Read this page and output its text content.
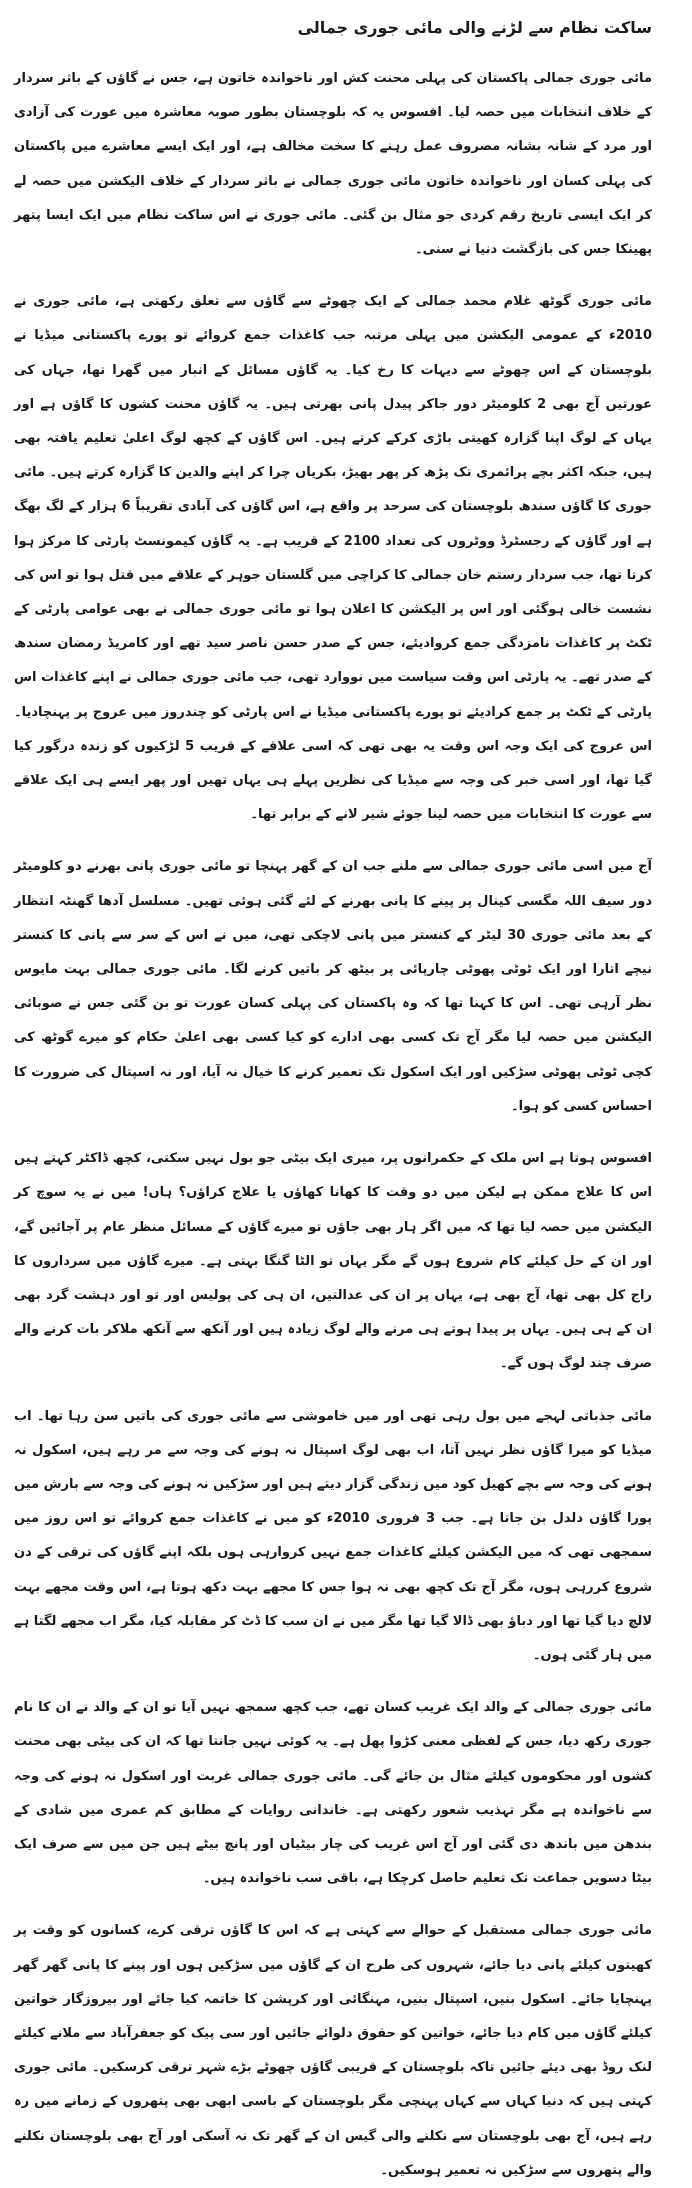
ساکت نظام سے لڑنے والی مائی جوری جمالی

مائی جوری جمالی پاکستان کی پہلی محنت کش اور ناخواندہ خاتون ہے، جس نے گاؤں کے باثر سردار کے خلاف انتخابات میں حصہ لیا۔ افسوس یہ کہ بلوچستان بطور صوبہ معاشرہ میں عورت کی آزادی اور مرد کے شانہ بشانہ مصروف عمل رہنے کا سخت مخالف ہے، اور ایک ایسے معاشرے میں پاکستان کی پہلی کسان اور ناخواندہ خاتون مائی جوری جمالی نے باثر سردار کے خلاف الیکشن میں حصہ لے کر ایک ایسی تاریخ رقم کردی جو مثال بن گئی۔ مائی جوری نے اس ساکت نظام میں ایک ایسا پتھر پھینکا جس کی بازگشت دنیا نے سنی۔

مائی جوری گوٹھ غلام محمد جمالی کے ایک چھوٹے سے گاؤں سے تعلق رکھتی ہے، مائی جوری نے 2010ء کے عمومی الیکشن میں پہلی مرتبہ جب کاغذات جمع کروائے تو پورے پاکستانی میڈیا نے بلوچستان کے اس چھوٹے سے دیہات کا رخ کیا۔ یہ گاؤں مسائل کے انبار میں گھرا تھا، جہاں کی عورتیں آج بھی 2 کلومیٹر دور جاکر پیدل پانی بھرتی ہیں۔ یہ گاؤں محنت کشوں کا گاؤں ہے اور یہاں کے لوگ اپنا گزارہ کھیتی باڑی کرکے کرتے ہیں۔ اس گاؤں کے کچھ لوگ اعلیٰ تعلیم یافتہ بھی ہیں، جبکہ اکثر بچے پرائمری تک پڑھ کر پھر بھیڑ، بکریاں چرا کر اپنے والدین کا گزارہ کرتے ہیں۔ مائی جوری کا گاؤں سندھ بلوچستان کی سرحد پر واقع ہے، اس گاؤں کی آبادی تقریباً 6 ہزار کے لگ بھگ ہے اور گاؤں کے رجسٹرڈ ووٹروں کی تعداد 2100 کے قریب ہے۔ یہ گاؤں کیمونسٹ پارٹی کا مرکز ہوا کرتا تھا، جب سردار رستم خان جمالی کا کراچی میں گلستان جوہر کے علاقے میں قتل ہوا تو اس کی نشست خالی ہوگئی اور اس پر الیکشن کا اعلان ہوا تو مائی جوری جمالی نے بھی عوامی پارٹی کے ٹکٹ پر کاغذات نامزدگی جمع کروادیئے، جس کے صدر حسن ناصر سید تھے اور کامریڈ رمضان سندھ کے صدر تھے۔ یہ پارٹی اس وقت سیاست میں نووارد تھی، جب مائی جوری جمالی نے اپنے کاغذات اس پارٹی کے ٹکٹ پر جمع کرادیئے تو پورے پاکستانی میڈیا نے اس پارٹی کو چندروز میں عروج پر پہنچادیا۔ اس عروج کی ایک وجہ اس وقت یہ بھی تھی کہ اسی علاقے کے قریب 5 لڑکیوں کو زندہ درگور کیا گیا تھا، اور اسی خبر کی وجہ سے میڈیا کی نظریں پہلے ہی یہاں تھیں اور پھر ایسے ہی ایک علاقے سے عورت کا انتخابات میں حصہ لینا جوئے شیر لانے کے برابر تھا۔

آج میں اسی مائی جوری جمالی سے ملنے جب ان کے گھر پہنچا تو مائی جوری پانی بھرنے دو کلومیٹر دور سیف اللہ مگسی کینال پر پینے کا پانی بھرنے کے لئے گئی ہوئی تھیں۔ مسلسل آدھا گھنٹہ انتظار کے بعد مائی جوری 30 لیٹر کے کنستر میں پانی لاچکی تھی، میں نے اس کے سر سے پانی کا کنستر نیچے اتارا اور ایک ٹوٹی پھوٹی چارپائی پر بیٹھ کر باتیں کرنے لگا۔ مائی جوری جمالی بہت مایوس نظر آرہی تھی۔ اس کا کہنا تھا کہ وہ پاکستان کی پہلی کسان عورت تو بن گئی جس نے صوبائی الیکشن میں حصہ لیا مگر آج تک کسی بھی ادارے کو کیا کسی بھی اعلیٰ حکام کو میرے گوٹھ کی کچی ٹوٹی پھوٹی سڑکیں اور ایک اسکول تک تعمیر کرنے کا خیال نہ آیا، اور نہ اسپتال کی ضرورت کا احساس کسی کو ہوا۔

افسوس ہوتا ہے اس ملک کے حکمرانوں پر، میری ایک بیٹی جو بول نہیں سکتی، کچھ ڈاکٹر کہتے ہیں اس کا علاج ممکن ہے لیکن میں دو وقت کا کھانا کھاؤں یا علاج کراؤں؟ ہاں! میں نے یہ سوچ کر الیکشن میں حصہ لیا تھا کہ میں اگر ہار بھی جاؤں تو میرے گاؤں کے مسائل منظر عام پر آجائیں گے، اور ان کے حل کیلئے کام شروع ہوں گے مگر یہاں تو الٹا گنگا بہتی ہے۔ میرے گاؤں میں سرداروں کا راج کل بھی تھا، آج بھی ہے، یہاں پر ان کی عدالتیں، ان ہی کی پولیس اور تو اور دہشت گرد بھی ان کے ہی ہیں۔ یہاں پر پیدا ہوتے ہی مرنے والے لوگ زیادہ ہیں اور آنکھ سے آنکھ ملاکر بات کرنے والے صرف چند لوگ ہوں گے۔

مائی جذباتی لہجے میں بول رہی تھی اور میں خاموشی سے مائی جوری کی باتیں سن رہا تھا۔ اب میڈیا کو میرا گاؤں نظر نہیں آتا، اب بھی لوگ اسپتال نہ ہونے کی وجہ سے مر رہے ہیں، اسکول نہ ہونے کی وجہ سے بچے کھیل کود میں زندگی گزار دیتے ہیں اور سڑکیں نہ ہونے کی وجہ سے بارش میں پورا گاؤں دلدل بن جاتا ہے۔ جب 3 فروری 2010ء کو میں نے کاغذات جمع کروائے تو اس روز میں سمجھی تھی کہ میں الیکشن کیلئے کاغذات جمع نہیں کروارہی ہوں بلکہ اپنے گاؤں کی ترقی کے دن شروع کررہی ہوں، مگر آج تک کچھ بھی نہ ہوا جس کا مجھے بہت دکھ ہوتا ہے، اس وقت مجھے بہت لالچ دیا گیا تھا اور دباؤ بھی ڈالا گیا تھا مگر میں نے ان سب کا ڈٹ کر مقابلہ کیا، مگر اب مجھے لگتا ہے میں ہار گئی ہوں۔

مائی جوری جمالی کے والد ایک غریب کسان تھے، جب کچھ سمجھ نہیں آیا تو ان کے والد نے ان کا نام جوری رکھ دیا، جس کے لفظی معنی کڑوا پھل ہے۔ یہ کوئی نہیں جانتا تھا کہ ان کی بیٹی بھی محنت کشوں اور محکوموں کیلئے مثال بن جائے گی۔ مائی جوری جمالی غربت اور اسکول نہ ہونے کی وجہ سے ناخواندہ ہے مگر تہذیب شعور رکھتی ہے۔ خاندانی روایات کے مطابق کم عمری میں شادی کے بندھن میں باندھ دی گئی اور آج اس غریب کی چار بیٹیاں اور پانچ بیٹے ہیں جن میں سے صرف ایک بیٹا دسویں جماعت تک تعلیم حاصل کرچکا ہے، باقی سب ناخواندہ ہیں۔

مائی جوری جمالی مستقبل کے حوالے سے کہتی ہے کہ اس کا گاؤں ترقی کرے، کسانوں کو وقت پر کھیتوں کیلئے پانی دیا جائے، شہروں کی طرح ان کے گاؤں میں سڑکیں ہوں اور پینے کا پانی گھر گھر پہنچایا جائے۔ اسکول بنیں، اسپتال بنیں، مہنگائی اور کرپشن کا خاتمہ کیا جائے اور بیروزگار خواتین کیلئے گاؤں میں کام دیا جائے، خواتین کو حقوق دلوائے جائیں اور سی پیک کو جعفرآباد سے ملانے کیلئے لنک روڈ بھی دیئے جائیں تاکہ بلوچستان کے قریبی گاؤں چھوٹے بڑے شہر ترقی کرسکیں۔ مائی جوری کہتی ہیں کہ دنیا کہاں سے کہاں پہنچی مگر بلوچستان کے باسی ابھی بھی پتھروں کے زمانے میں رہ رہے ہیں، آج بھی بلوچستان سے نکلنے والی گیس ان کے گھر تک نہ آسکی اور آج بھی بلوچستان نکلنے والے پتھروں سے سڑکیں نہ تعمیر ہوسکیں۔
